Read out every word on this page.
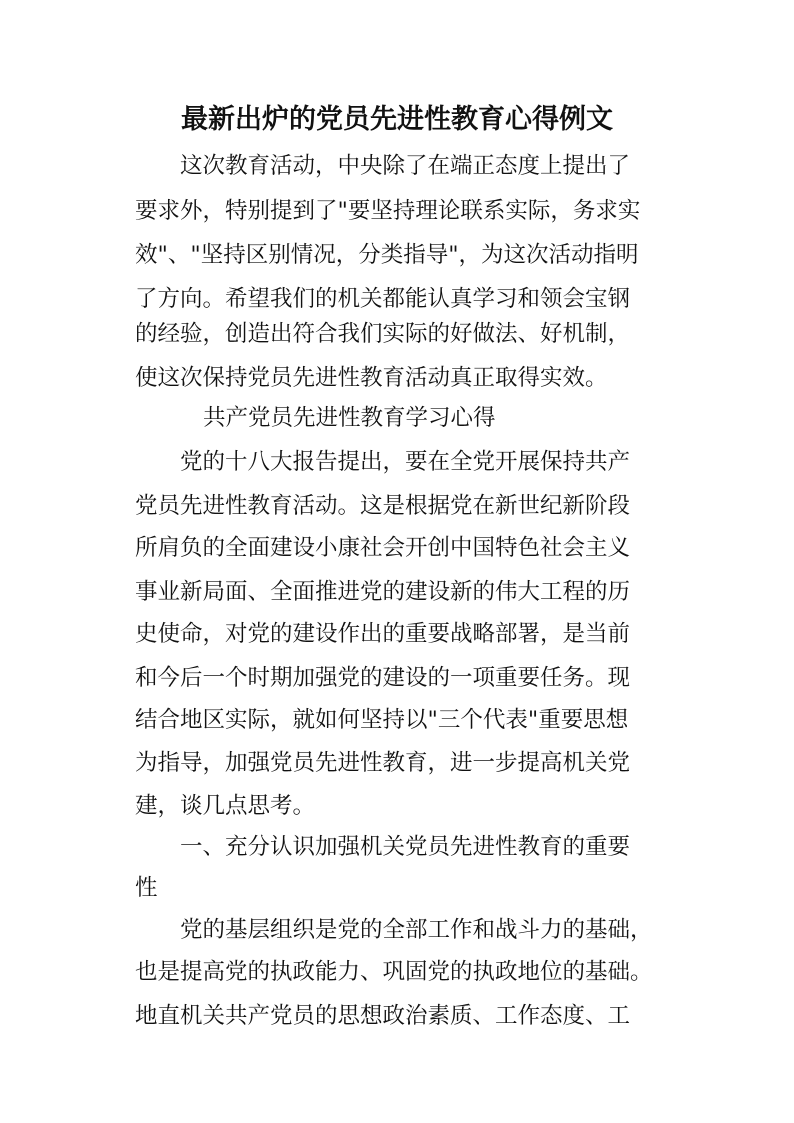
最新出炉的党员先进性教育心得例文

这次教育活动，中央除了在端正态度上提出了

要求外，特别提到了"要坚持理论联系实际，务求实

效"、"坚持区别情况，分类指导"，为这次活动指明

了方向。希望我们的机关都能认真学习和领会宝钢

的经验，创造出符合我们实际的好做法、好机制，

使这次保持党员先进性教育活动真正取得实效。

共产党员先进性教育学习心得

党的十八大报告提出，要在全党开展保持共产

党员先进性教育活动。这是根据党在新世纪新阶段

所肩负的全面建设小康社会开创中国特色社会主义

事业新局面、全面推进党的建设新的伟大工程的历

史使命，对党的建设作出的重要战略部署，是当前

和今后一个时期加强党的建设的一项重要任务。现

结合地区实际，就如何坚持以"三个代表"重要思想

为指导，加强党员先进性教育，进一步提高机关党

建，谈几点思考。

一、充分认识加强机关党员先进性教育的重要

性

党的基层组织是党的全部工作和战斗力的基础，

也是提高党的执政能力、巩固党的执政地位的基础。

地直机关共产党员的思想政治素质、工作态度、工
